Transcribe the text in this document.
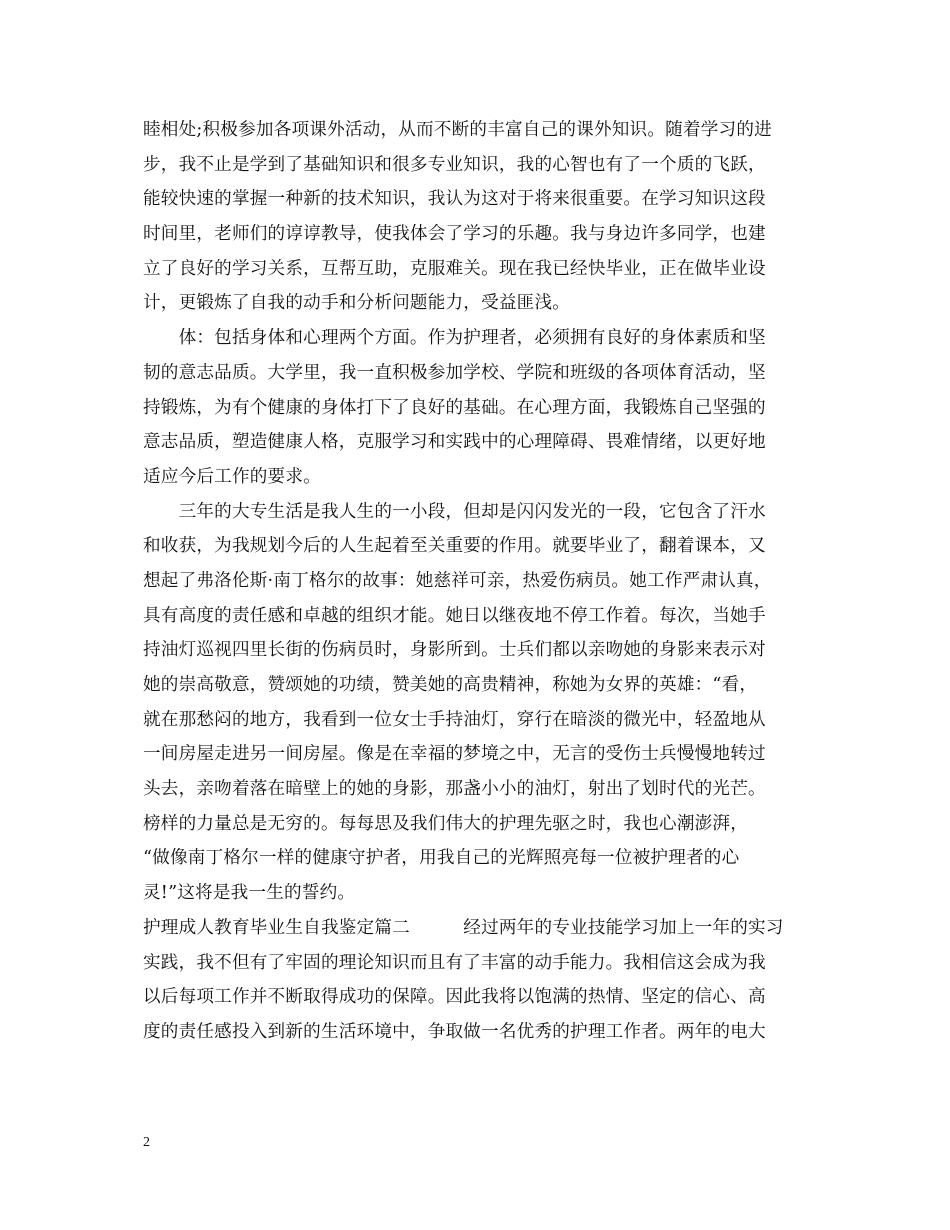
睦相处;积极参加各项课外活动，从而不断的丰富自己的课外知识。随着学习的进
步，我不止是学到了基础知识和很多专业知识，我的心智也有了一个质的飞跃，
能较快速的掌握一种新的技术知识，我认为这对于将来很重要。在学习知识这段
时间里，老师们的谆谆教导，使我体会了学习的乐趣。我与身边许多同学，也建
立了良好的学习关系，互帮互助，克服难关。现在我已经快毕业，正在做毕业设
计，更锻炼了自我的动手和分析问题能力，受益匪浅。
　　体：包括身体和心理两个方面。作为护理者，必须拥有良好的身体素质和坚
韧的意志品质。大学里，我一直积极参加学校、学院和班级的各项体育活动，坚
持锻炼，为有个健康的身体打下了良好的基础。在心理方面，我锻炼自己坚强的
意志品质，塑造健康人格，克服学习和实践中的心理障碍、畏难情绪，以更好地
适应今后工作的要求。
　　三年的大专生活是我人生的一小段，但却是闪闪发光的一段，它包含了汗水
和收获，为我规划今后的人生起着至关重要的作用。就要毕业了，翻着课本，又
想起了弗洛伦斯·南丁格尔的故事：她慈祥可亲，热爱伤病员。她工作严肃认真，
具有高度的责任感和卓越的组织才能。她日以继夜地不停工作着。每次，当她手
持油灯巡视四里长街的伤病员时，身影所到。士兵们都以亲吻她的身影来表示对
她的崇高敬意，赞颂她的功绩，赞美她的高贵精神，称她为女界的英雄：“看，
就在那愁闷的地方，我看到一位女士手持油灯，穿行在暗淡的微光中，轻盈地从
一间房屋走进另一间房屋。像是在幸福的梦境之中，无言的受伤士兵慢慢地转过
头去，亲吻着落在暗壁上的她的身影，那盏小小的油灯，射出了划时代的光芒。
榜样的力量总是无穷的。每每思及我们伟大的护理先驱之时，我也心潮澎湃，
“做像南丁格尔一样的健康守护者，用我自己的光辉照亮每一位被护理者的心
灵!”这将是我一生的誓约。
护理成人教育毕业生自我鉴定篇二　　　经过两年的专业技能学习加上一年的实习
实践，我不但有了牢固的理论知识而且有了丰富的动手能力。我相信这会成为我
以后每项工作并不断取得成功的保障。因此我将以饱满的热情、坚定的信心、高
度的责任感投入到新的生活环境中，争取做一名优秀的护理工作者。两年的电大
2
